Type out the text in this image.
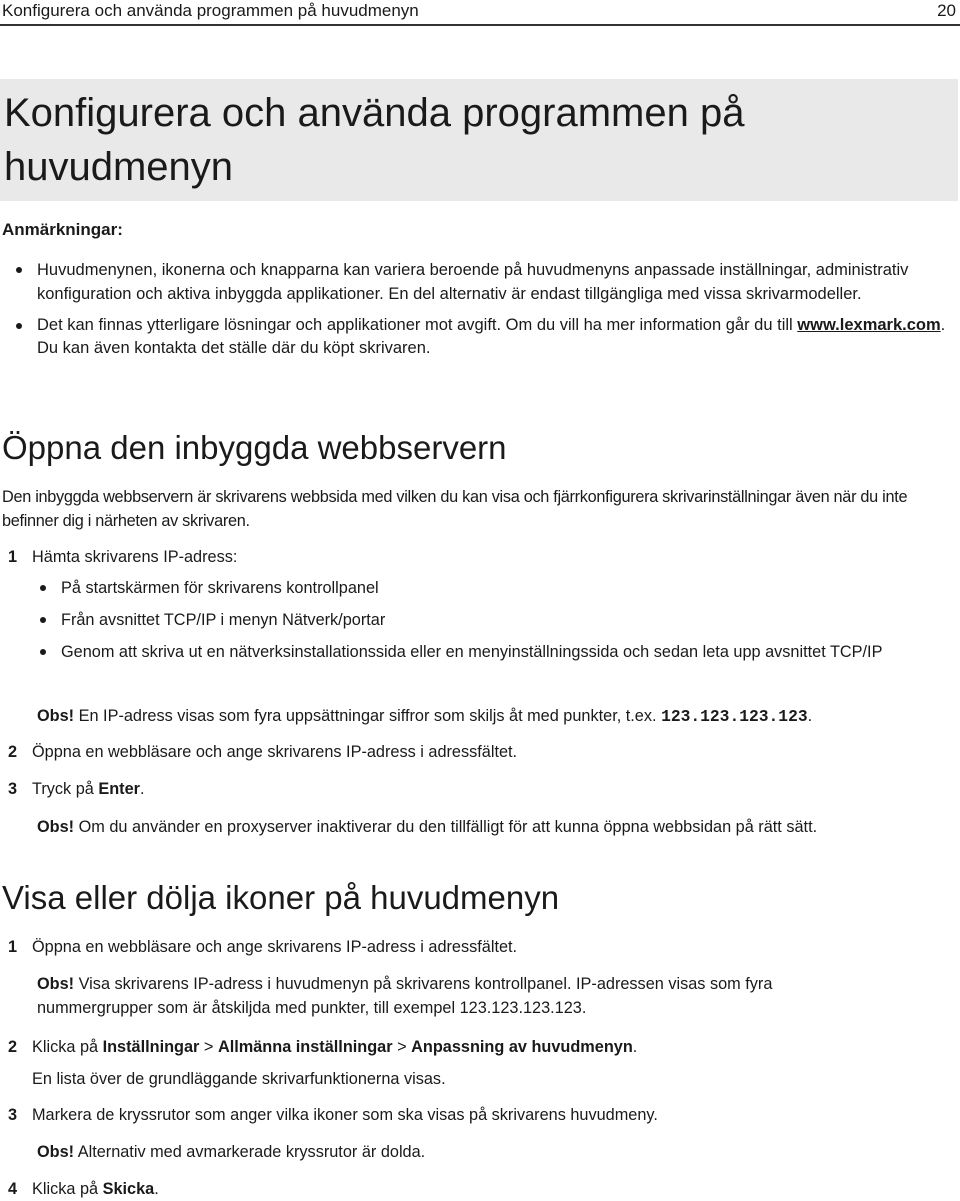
Konfigurera och använda programmen på huvudmenyn	20
Konfigurera och använda programmen på
huvudmenyn

Anmärkningar:

Huvudmenynen, ikonerna och knapparna kan variera beroende på huvudmenyns anpassade inställningar, administrativ konfiguration och aktiva inbyggda applikationer. En del alternativ är endast tillgängliga med vissa skrivarmodeller.
Det kan finnas ytterligare lösningar och applikationer mot avgift. Om du vill ha mer information går du till www.lexmark.com. Du kan även kontakta det ställe där du köpt skrivaren.
Öppna den inbyggda webbservern

Den inbyggda webbservern är skrivarens webbsida med vilken du kan visa och fjärrkonfigurera skrivarinställningar även när du inte befinner dig i närheten av skrivaren.

1 Hämta skrivarens IP-adress:
På startskärmen för skrivarens kontrollpanel
Från avsnittet TCP/IP i menyn Nätverk/portar
Genom att skriva ut en nätverksinstallationssida eller en menyinställningssida och sedan leta upp avsnittet TCP/IP
Obs! En IP-adress visas som fyra uppsättningar siffror som skiljs åt med punkter, t.ex. 123.123.123.123.
2 Öppna en webbläsare och ange skrivarens IP-adress i adressfältet.
3 Tryck på Enter.
Obs! Om du använder en proxyserver inaktiverar du den tillfälligt för att kunna öppna webbsidan på rätt sätt.
Visa eller dölja ikoner på huvudmenyn
1 Öppna en webbläsare och ange skrivarens IP-adress i adressfältet.
Obs! Visa skrivarens IP-adress i huvudmenyn på skrivarens kontrollpanel. IP-adressen visas som fyra nummergrupper som är åtskiljda med punkter, till exempel 123.123.123.123.
2 Klicka på Inställningar > Allmänna inställningar > Anpassning av huvudmenyn.
En lista över de grundläggande skrivarfunktionerna visas.
3 Markera de kryssrutor som anger vilka ikoner som ska visas på skrivarens huvudmeny.
Obs! Alternativ med avmarkerade kryssrutor är dolda.
4 Klicka på Skicka.
